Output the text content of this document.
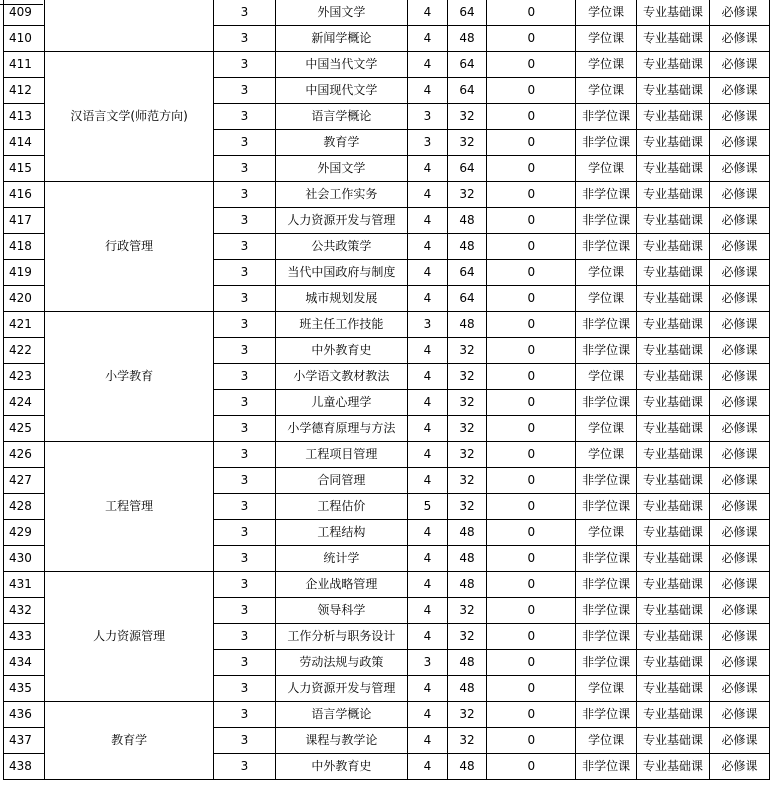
409		3	外国文学	4	64	0	学位课	专业基础课	必修课
410		3	新闻学概论	4	48	0	学位课	专业基础课	必修课
411	汉语言文学(师范方向)	3	中国当代文学	4	64	0	学位课	专业基础课	必修课
412		3	中国现代文学	4	64	0	学位课	专业基础课	必修课
413		3	语言学概论	3	32	0	非学位课	专业基础课	必修课
414		3	教育学	3	32	0	非学位课	专业基础课	必修课
415		3	外国文学	4	64	0	学位课	专业基础课	必修课
416	行政管理	3	社会工作实务	4	32	0	非学位课	专业基础课	必修课
417		3	人力资源开发与管理	4	48	0	非学位课	专业基础课	必修课
418		3	公共政策学	4	48	0	非学位课	专业基础课	必修课
419		3	当代中国政府与制度	4	64	0	学位课	专业基础课	必修课
420		3	城市规划发展	4	64	0	学位课	专业基础课	必修课
421	小学教育	3	班主任工作技能	3	48	0	非学位课	专业基础课	必修课
422		3	中外教育史	4	32	0	非学位课	专业基础课	必修课
423		3	小学语文教材教法	4	32	0	学位课	专业基础课	必修课
424		3	儿童心理学	4	32	0	非学位课	专业基础课	必修课
425		3	小学德育原理与方法	4	32	0	学位课	专业基础课	必修课
426	工程管理	3	工程项目管理	4	32	0	学位课	专业基础课	必修课
427		3	合同管理	4	32	0	非学位课	专业基础课	必修课
428		3	工程估价	5	32	0	非学位课	专业基础课	必修课
429		3	工程结构	4	48	0	学位课	专业基础课	必修课
430		3	统计学	4	48	0	非学位课	专业基础课	必修课
431	人力资源管理	3	企业战略管理	4	48	0	非学位课	专业基础课	必修课
432		3	领导科学	4	32	0	非学位课	专业基础课	必修课
433		3	工作分析与职务设计	4	32	0	非学位课	专业基础课	必修课
434		3	劳动法规与政策	3	48	0	非学位课	专业基础课	必修课
435		3	人力资源开发与管理	4	48	0	学位课	专业基础课	必修课
436	教育学	3	语言学概论	4	32	0	非学位课	专业基础课	必修课
437		3	课程与教学论	4	32	0	学位课	专业基础课	必修课
438		3	中外教育史	4	48	0	非学位课	专业基础课	必修课
